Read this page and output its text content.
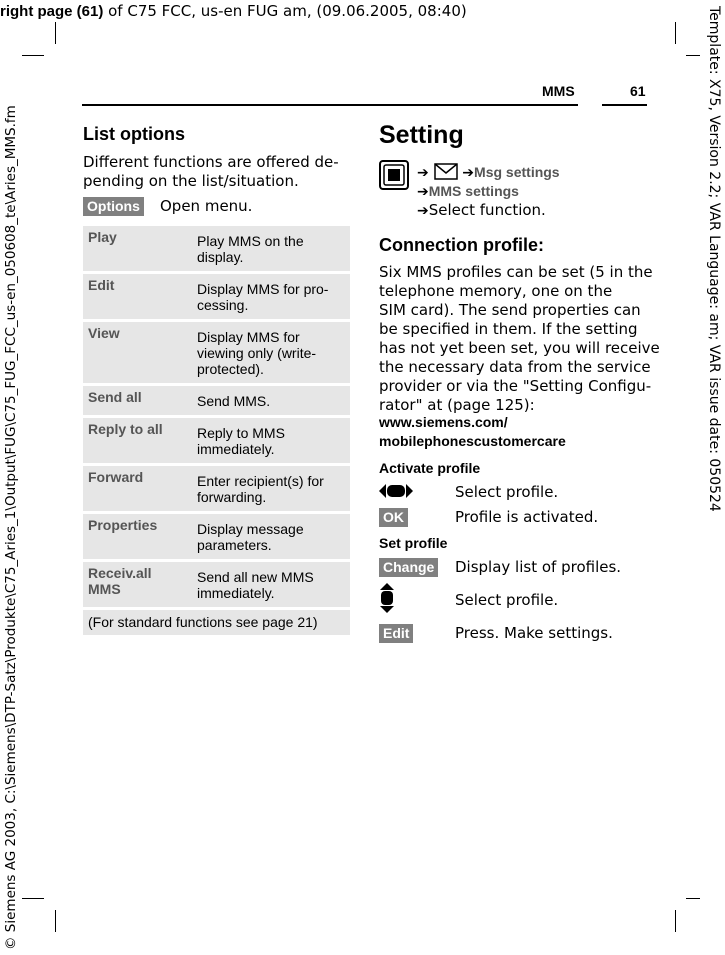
right page (61) of C75 FCC, us-en FUG am, (09.06.2005, 08:40)	Template: X75, Version 2.2; VAR Language: am; VAR issue date: 050524
© Siemens AG 2003, C:\Siemens\DTP-Satz\Produkte\C75_Aries_1\Output\FUG\C75_FUG_FCC_us-en_050608_te\Aries_MMS.fm
MMS	61
List options
Different functions are offered de-
pending on the list/situation.
Options Open menu.
Play	Play MMS on the display.
Edit	Display MMS for pro-cessing.
View	Display MMS for viewing only (write-protected).
Send all	Send MMS.
Reply to all	Reply to MMS immediately.
Forward	Enter recipient(s) for forwarding.
Properties	Display message parameters.
Receiv.all MMS	Send all new MMS immediately.
(For standard functions see page 21)	
Setting
➔ ➔Msg settings
➔MMS settings
➔Select function.
Connection profile:
Six MMS profiles can be set (5 in the
telephone memory, one on the
SIM card). The send properties can
be specified in them. If the setting
has not yet been set, you will receive
the necessary data from the service
provider or via the "Setting Configu-
rator" at (page 125):
www.siemens.com/
mobilephonescustomercare
Activate profile
Select profile.
OK	Profile is activated.
Set profile
Change Display list of profiles.
Select profile.
Edit	Press. Make settings.
